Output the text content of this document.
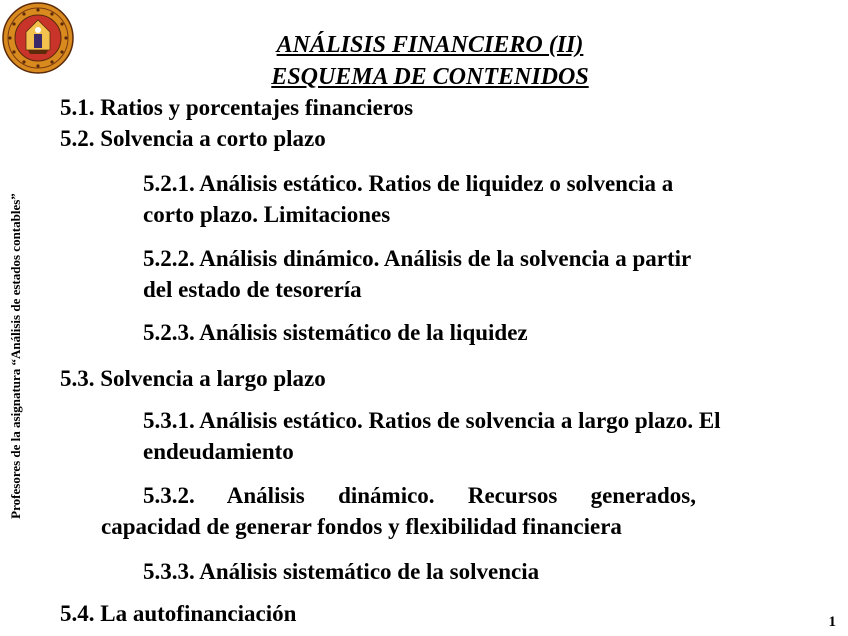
Profesores de la asignatura “Análisis de estados contables”
ANÁLISIS FINANCIERO (II)
ESQUEMA DE CONTENIDOS
5.1. Ratios y porcentajes financieros
5.2. Solvencia a corto plazo
5.2.1. Análisis estático. Ratios de liquidez o solvencia a
corto plazo. Limitaciones
5.2.2. Análisis dinámico. Análisis de la solvencia a partir
del estado de tesorería
5.2.3. Análisis sistemático de la liquidez
5.3. Solvencia a largo plazo
5.3.1. Análisis estático. Ratios de solvencia a largo plazo. El
endeudamiento
5.3.2. Análisis dinámico. Recursos generados,
capacidad de generar fondos y flexibilidad financiera
5.3.3. Análisis sistemático de la solvencia
5.4. La autofinanciación	1
